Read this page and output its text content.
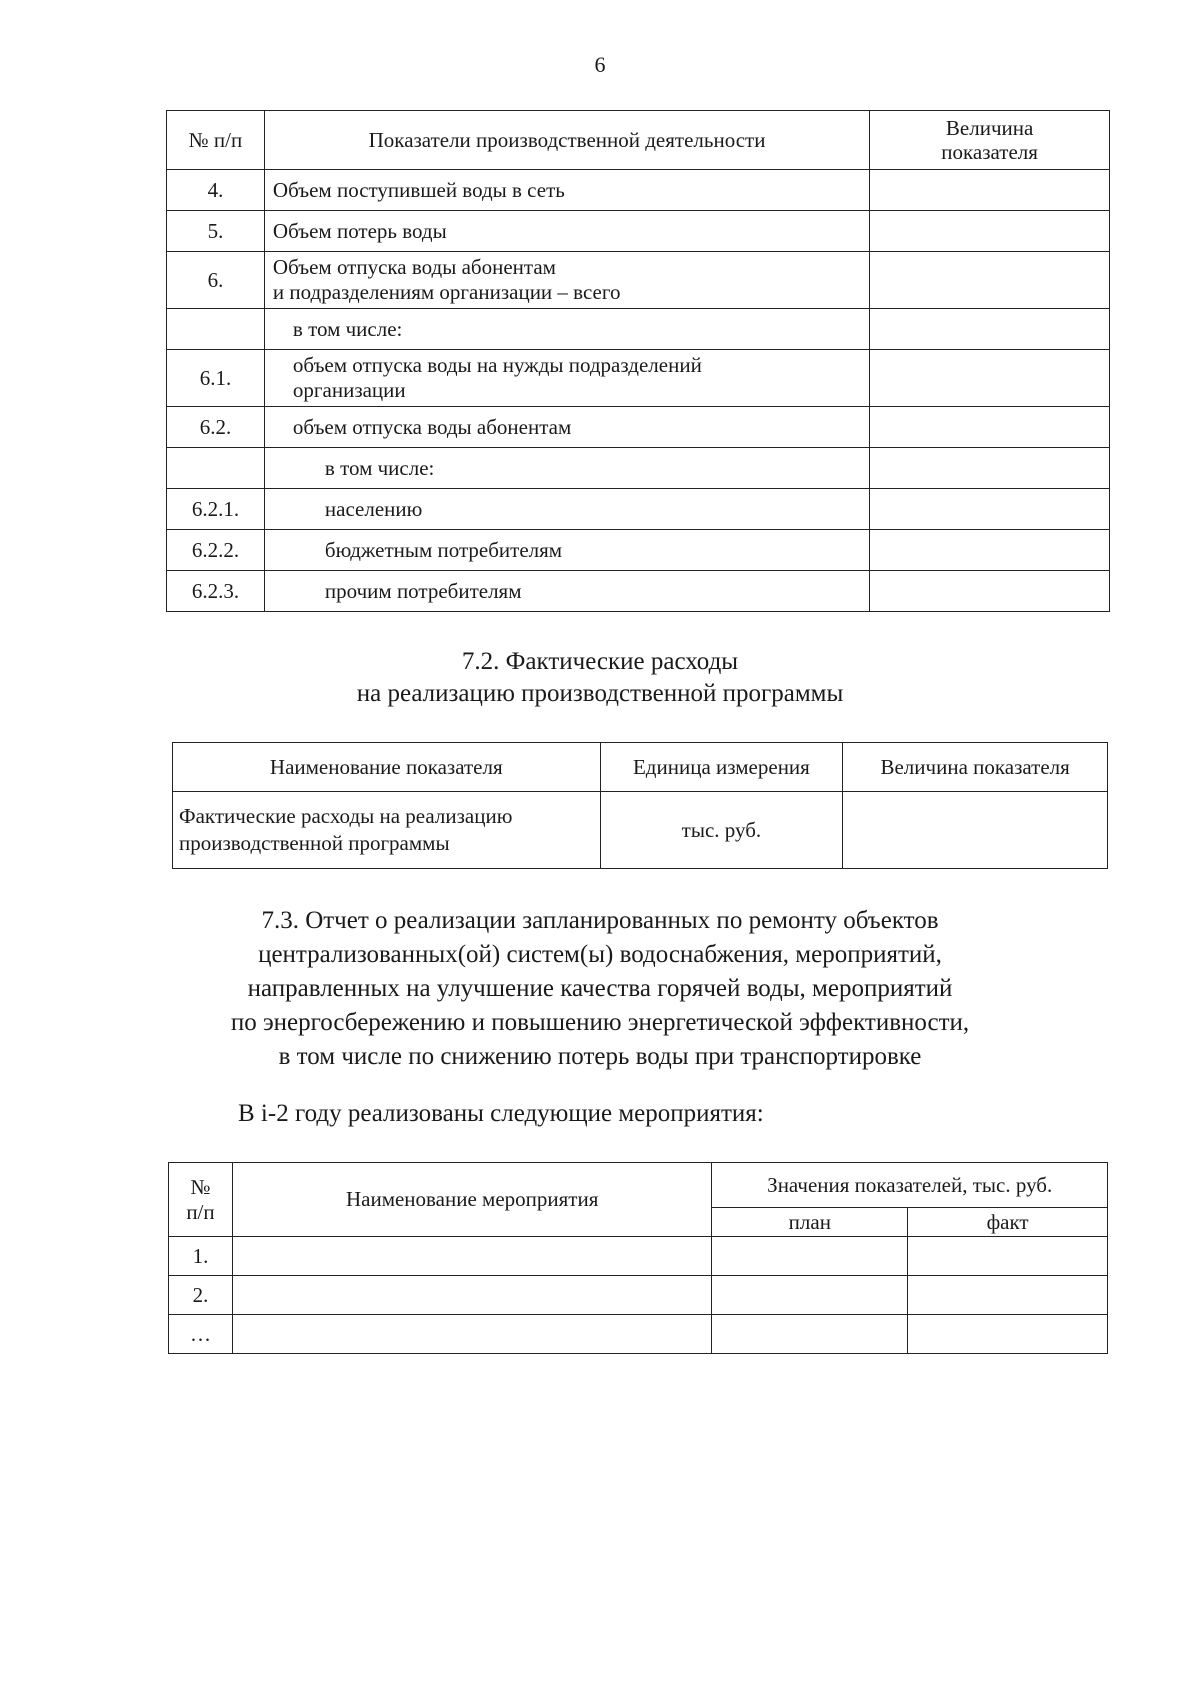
6
№ п/п	Показатели производственной деятельности	Величина
показателя

4.	Объем поступившей воды в сеть	
5.	Объем потерь воды	
6.	Объем отпуска воды абонентам
и подразделениям организации – всего	

	в том числе:	
6.1.	объем отпуска воды на нужды подразделений
организации	

6.2.	объем отпуска воды абонентам	
	в том числе:	
6.2.1.	населению	
6.2.2.	бюджетным потребителям	
6.2.3.	прочим потребителям	
7.2. Фактические расходы
на реализацию производственной программы
Наименование показателя	Единица измерения	Величина показателя

Фактические расходы на реализацию
производственной программы	тыс. руб.	
7.3. Отчет о реализации запланированных по ремонту объектов
централизованных(ой) систем(ы) водоснабжения, мероприятий,
направленных на улучшение качества горячей воды, мероприятий
по энергосбережению и повышению энергетической эффективности,
в том числе по снижению потерь воды при транспортировке
В i-2 году реализованы следующие мероприятия:
№
п/п	Наименование мероприятия	Значения показателей, тыс. руб.	
		план	факт
1.			
2.			
…			
